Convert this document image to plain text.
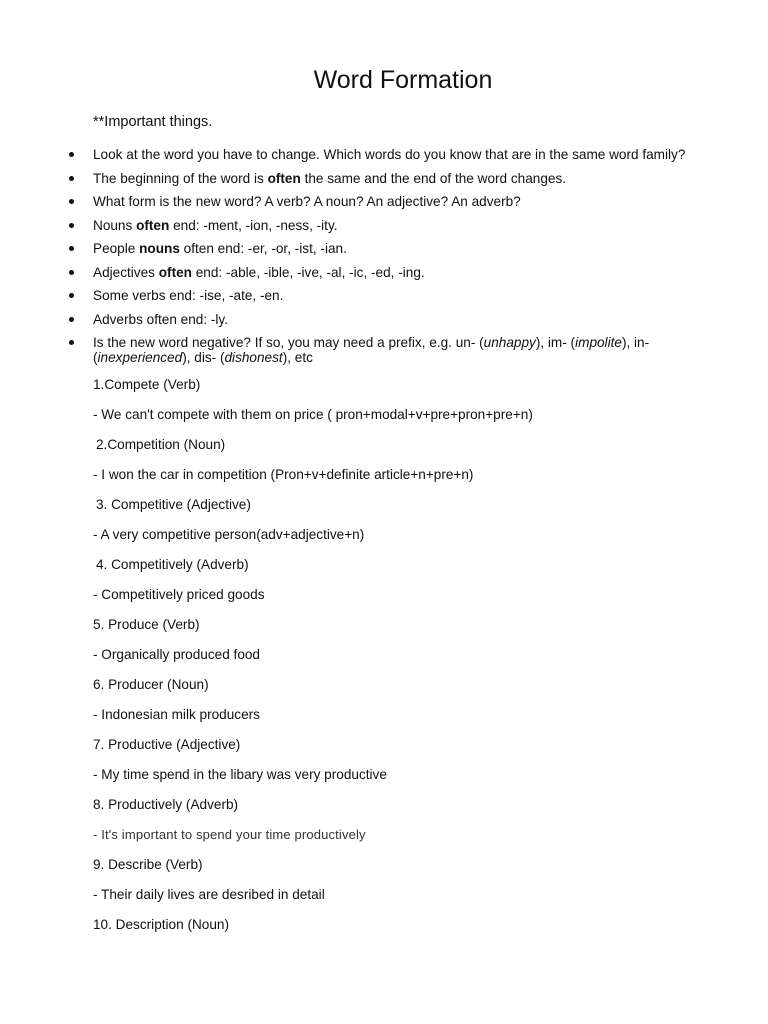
Word Formation
**Important things.
Look at the word you have to change. Which words do you know that are in the same word family?
The beginning of the word is often the same and the end of the word changes.
What form is the new word? A verb? A noun? An adjective? An adverb?
Nouns often end: -ment, -ion, -ness, -ity.
People nouns often end: -er, -or, -ist, -ian.
Adjectives often end: -able, -ible, -ive, -al, -ic, -ed, -ing.
Some verbs end: -ise, -ate, -en.
Adverbs often end: -ly.
Is the new word negative? If so, you may need a prefix, e.g. un- (unhappy), im- (impolite), in-
(inexperienced), dis- (dishonest), etc
1.Compete (Verb)
- We can't compete with them on price ( pron+modal+v+pre+pron+pre+n)
2.Competition (Noun)
- I won the car in competition (Pron+v+definite article+n+pre+n)
3. Competitive (Adjective)
- A very competitive person(adv+adjective+n)
4. Competitively (Adverb)
- Competitively priced goods
5. Produce (Verb)
- Organically produced food
6. Producer (Noun)
- Indonesian milk producers
7. Productive (Adjective)
- My time spend in the libary was very productive
8. Productively (Adverb)
- It's important to spend your time productively
9. Describe (Verb)
- Their daily lives are desribed in detail
10. Description (Noun)
